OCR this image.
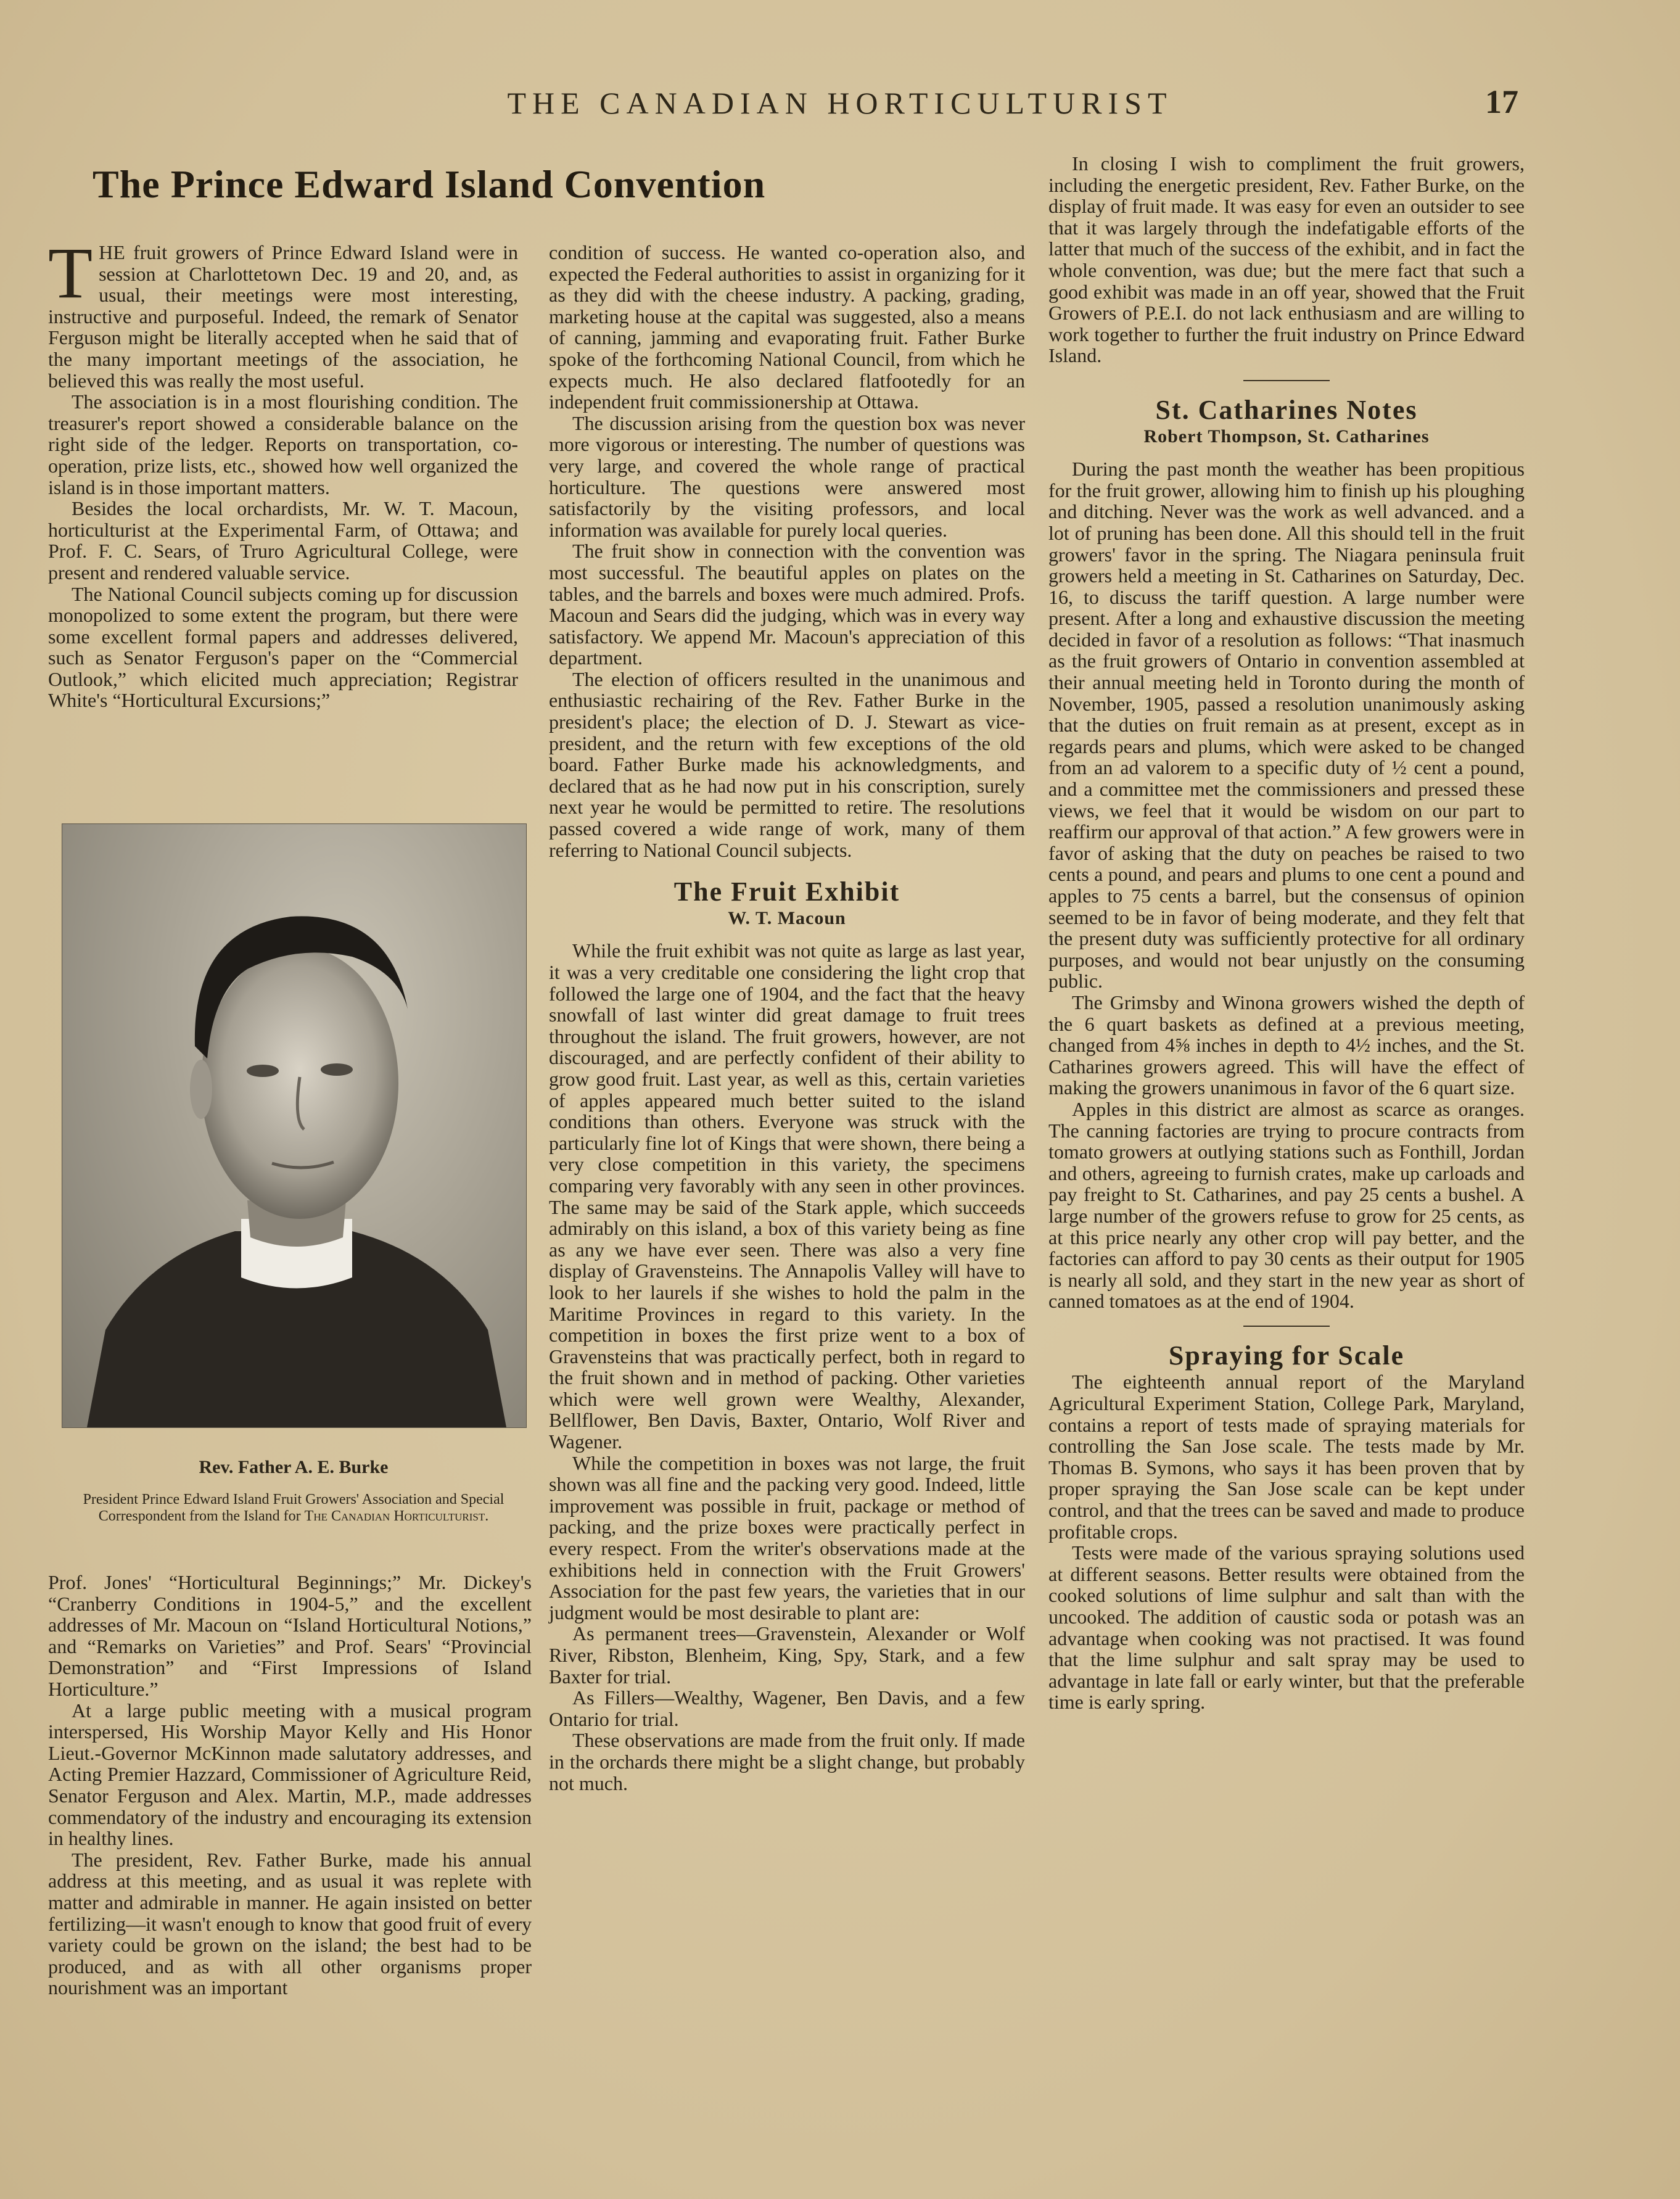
THE CANADIAN HORTICULTURIST	17
The Prince Edward Island Convention

THE fruit growers of Prince Edward Island were in session at Charlottetown Dec. 19 and 20, and, as usual, their meetings were most interesting, instructive and purposeful. Indeed, the remark of Senator Ferguson might be literally accepted when he said that of the many important meetings of the association, he believed this was really the most useful.

The association is in a most flourishing condition. The treasurer's report showed a considerable balance on the right side of the ledger. Reports on transportation, co-operation, prize lists, etc., showed how well organized the island is in those important matters.

Besides the local orchardists, Mr. W. T. Macoun, horticulturist at the Experimental Farm, of Ottawa; and Prof. F. C. Sears, of Truro Agricultural College, were present and rendered valuable service.

The National Council subjects coming up for discussion monopolized to some extent the program, but there were some excellent formal papers and addresses delivered, such as Senator Ferguson's paper on the “Commercial Outlook,” which elicited much appreciation; Registrar White's “Horticultural Excursions;”

Rev. Father A. E. Burke
President Prince Edward Island Fruit Growers' Association and Special Correspondent from the Island for The Canadian Horticulturist.

Prof. Jones' “Horticultural Beginnings;” Mr. Dickey's “Cranberry Conditions in 1904-5,” and the excellent addresses of Mr. Macoun on “Island Horticultural Notions,” and “Remarks on Varieties” and Prof. Sears' “Provincial Demonstration” and “First Impressions of Island Horticulture.”

At a large public meeting with a musical program interspersed, His Worship Mayor Kelly and His Honor Lieut.-Governor McKinnon made salutatory addresses, and Acting Premier Hazzard, Commissioner of Agriculture Reid, Senator Ferguson and Alex. Martin, M.P., made addresses commendatory of the industry and encouraging its extension in healthy lines.

The president, Rev. Father Burke, made his annual address at this meeting, and as usual it was replete with matter and admirable in manner. He again insisted on better fertilizing—it wasn't enough to know that good fruit of every variety could be grown on the island; the best had to be produced, and as with all other organisms proper nourishment was an important

condition of success. He wanted co-operation also, and expected the Federal authorities to assist in organizing for it as they did with the cheese industry. A packing, grading, marketing house at the capital was suggested, also a means of canning, jamming and evaporating fruit. Father Burke spoke of the forthcoming National Council, from which he expects much. He also declared flatfootedly for an independent fruit commissionership at Ottawa.

The discussion arising from the question box was never more vigorous or interesting. The number of questions was very large, and covered the whole range of practical horticulture. The questions were answered most satisfactorily by the visiting professors, and local information was available for purely local queries.

The fruit show in connection with the convention was most successful. The beautiful apples on plates on the tables, and the barrels and boxes were much admired. Profs. Macoun and Sears did the judging, which was in every way satisfactory. We append Mr. Macoun's appreciation of this department.

The election of officers resulted in the unanimous and enthusiastic rechairing of the Rev. Father Burke in the president's place; the election of D. J. Stewart as vice-president, and the return with few exceptions of the old board. Father Burke made his acknowledgments, and declared that as he had now put in his conscription, surely next year he would be permitted to retire. The resolutions passed covered a wide range of work, many of them referring to National Council subjects.

The Fruit Exhibit
W. T. Macoun

While the fruit exhibit was not quite as large as last year, it was a very creditable one considering the light crop that followed the large one of 1904, and the fact that the heavy snowfall of last winter did great damage to fruit trees throughout the island. The fruit growers, however, are not discouraged, and are perfectly confident of their ability to grow good fruit. Last year, as well as this, certain varieties of apples appeared much better suited to the island conditions than others. Everyone was struck with the particularly fine lot of Kings that were shown, there being a very close competition in this variety, the specimens comparing very favorably with any seen in other provinces. The same may be said of the Stark apple, which succeeds admirably on this island, a box of this variety being as fine as any we have ever seen. There was also a very fine display of Gravensteins. The Annapolis Valley will have to look to her laurels if she wishes to hold the palm in the Maritime Provinces in regard to this variety. In the competition in boxes the first prize went to a box of Gravensteins that was practically perfect, both in regard to the fruit shown and in method of packing. Other varieties which were well grown were Wealthy, Alexander, Bellflower, Ben Davis, Baxter, Ontario, Wolf River and Wagener.

While the competition in boxes was not large, the fruit shown was all fine and the packing very good. Indeed, little improvement was possible in fruit, package or method of packing, and the prize boxes were practically perfect in every respect. From the writer's observations made at the exhibitions held in connection with the Fruit Growers' Association for the past few years, the varieties that in our judgment would be most desirable to plant are:

As permanent trees—Gravenstein, Alexander or Wolf River, Ribston, Blenheim, King, Spy, Stark, and a few Baxter for trial.

As Fillers—Wealthy, Wagener, Ben Davis, and a few Ontario for trial.

These observations are made from the fruit only. If made in the orchards there might be a slight change, but probably not much.

In closing I wish to compliment the fruit growers, including the energetic president, Rev. Father Burke, on the display of fruit made. It was easy for even an outsider to see that it was largely through the indefatigable efforts of the latter that much of the success of the exhibit, and in fact the whole convention, was due; but the mere fact that such a good exhibit was made in an off year, showed that the Fruit Growers of P.E.I. do not lack enthusiasm and are willing to work together to further the fruit industry on Prince Edward Island.

St. Catharines Notes
Robert Thompson, St. Catharines

During the past month the weather has been propitious for the fruit grower, allowing him to finish up his ploughing and ditching. Never was the work as well advanced. and a lot of pruning has been done. All this should tell in the fruit growers' favor in the spring. The Niagara peninsula fruit growers held a meeting in St. Catharines on Saturday, Dec. 16, to discuss the tariff question. A large number were present. After a long and exhaustive discussion the meeting decided in favor of a resolution as follows: “That inasmuch as the fruit growers of Ontario in convention assembled at their annual meeting held in Toronto during the month of November, 1905, passed a resolution unanimously asking that the duties on fruit remain as at present, except as in regards pears and plums, which were asked to be changed from an ad valorem to a specific duty of ½ cent a pound, and a committee met the commissioners and pressed these views, we feel that it would be wisdom on our part to reaffirm our approval of that action.” A few growers were in favor of asking that the duty on peaches be raised to two cents a pound, and pears and plums to one cent a pound and apples to 75 cents a barrel, but the consensus of opinion seemed to be in favor of being moderate, and they felt that the present duty was sufficiently protective for all ordinary purposes, and would not bear unjustly on the consuming public.

The Grimsby and Winona growers wished the depth of the 6 quart baskets as defined at a previous meeting, changed from 4⅝ inches in depth to 4½ inches, and the St. Catharines growers agreed. This will have the effect of making the growers unanimous in favor of the 6 quart size.

Apples in this district are almost as scarce as oranges. The canning factories are trying to procure contracts from tomato growers at outlying stations such as Fonthill, Jordan and others, agreeing to furnish crates, make up carloads and pay freight to St. Catharines, and pay 25 cents a bushel. A large number of the growers refuse to grow for 25 cents, as at this price nearly any other crop will pay better, and the factories can afford to pay 30 cents as their output for 1905 is nearly all sold, and they start in the new year as short of canned tomatoes as at the end of 1904.

Spraying for Scale

The eighteenth annual report of the Maryland Agricultural Experiment Station, College Park, Maryland, contains a report of tests made of spraying materials for controlling the San Jose scale. The tests made by Mr. Thomas B. Symons, who says it has been proven that by proper spraying the San Jose scale can be kept under control, and that the trees can be saved and made to produce profitable crops.

Tests were made of the various spraying solutions used at different seasons. Better results were obtained from the cooked solutions of lime sulphur and salt than with the uncooked. The addition of caustic soda or potash was an advantage when cooking was not practised. It was found that the lime sulphur and salt spray may be used to advantage in late fall or early winter, but that the preferable time is early spring.
